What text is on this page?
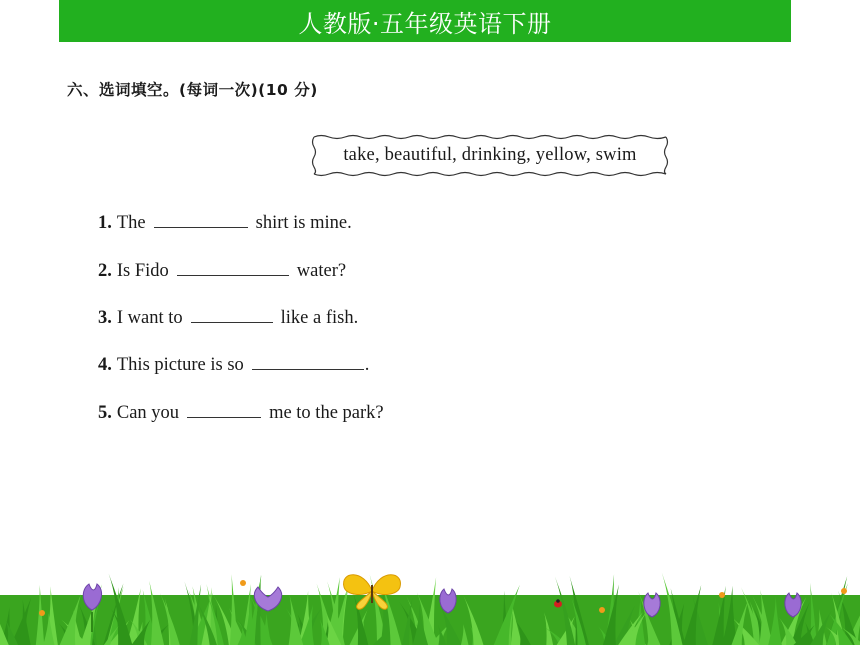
人教版·五年级英语下册
六、选词填空。(每词一次)(10 分)
take, beautiful, drinking, yellow, swim
1. The	shirt is mine.
2. Is Fido	water?
3. I want to	like a fish.
4. This picture is so	.
5. Can you	me to the park?
